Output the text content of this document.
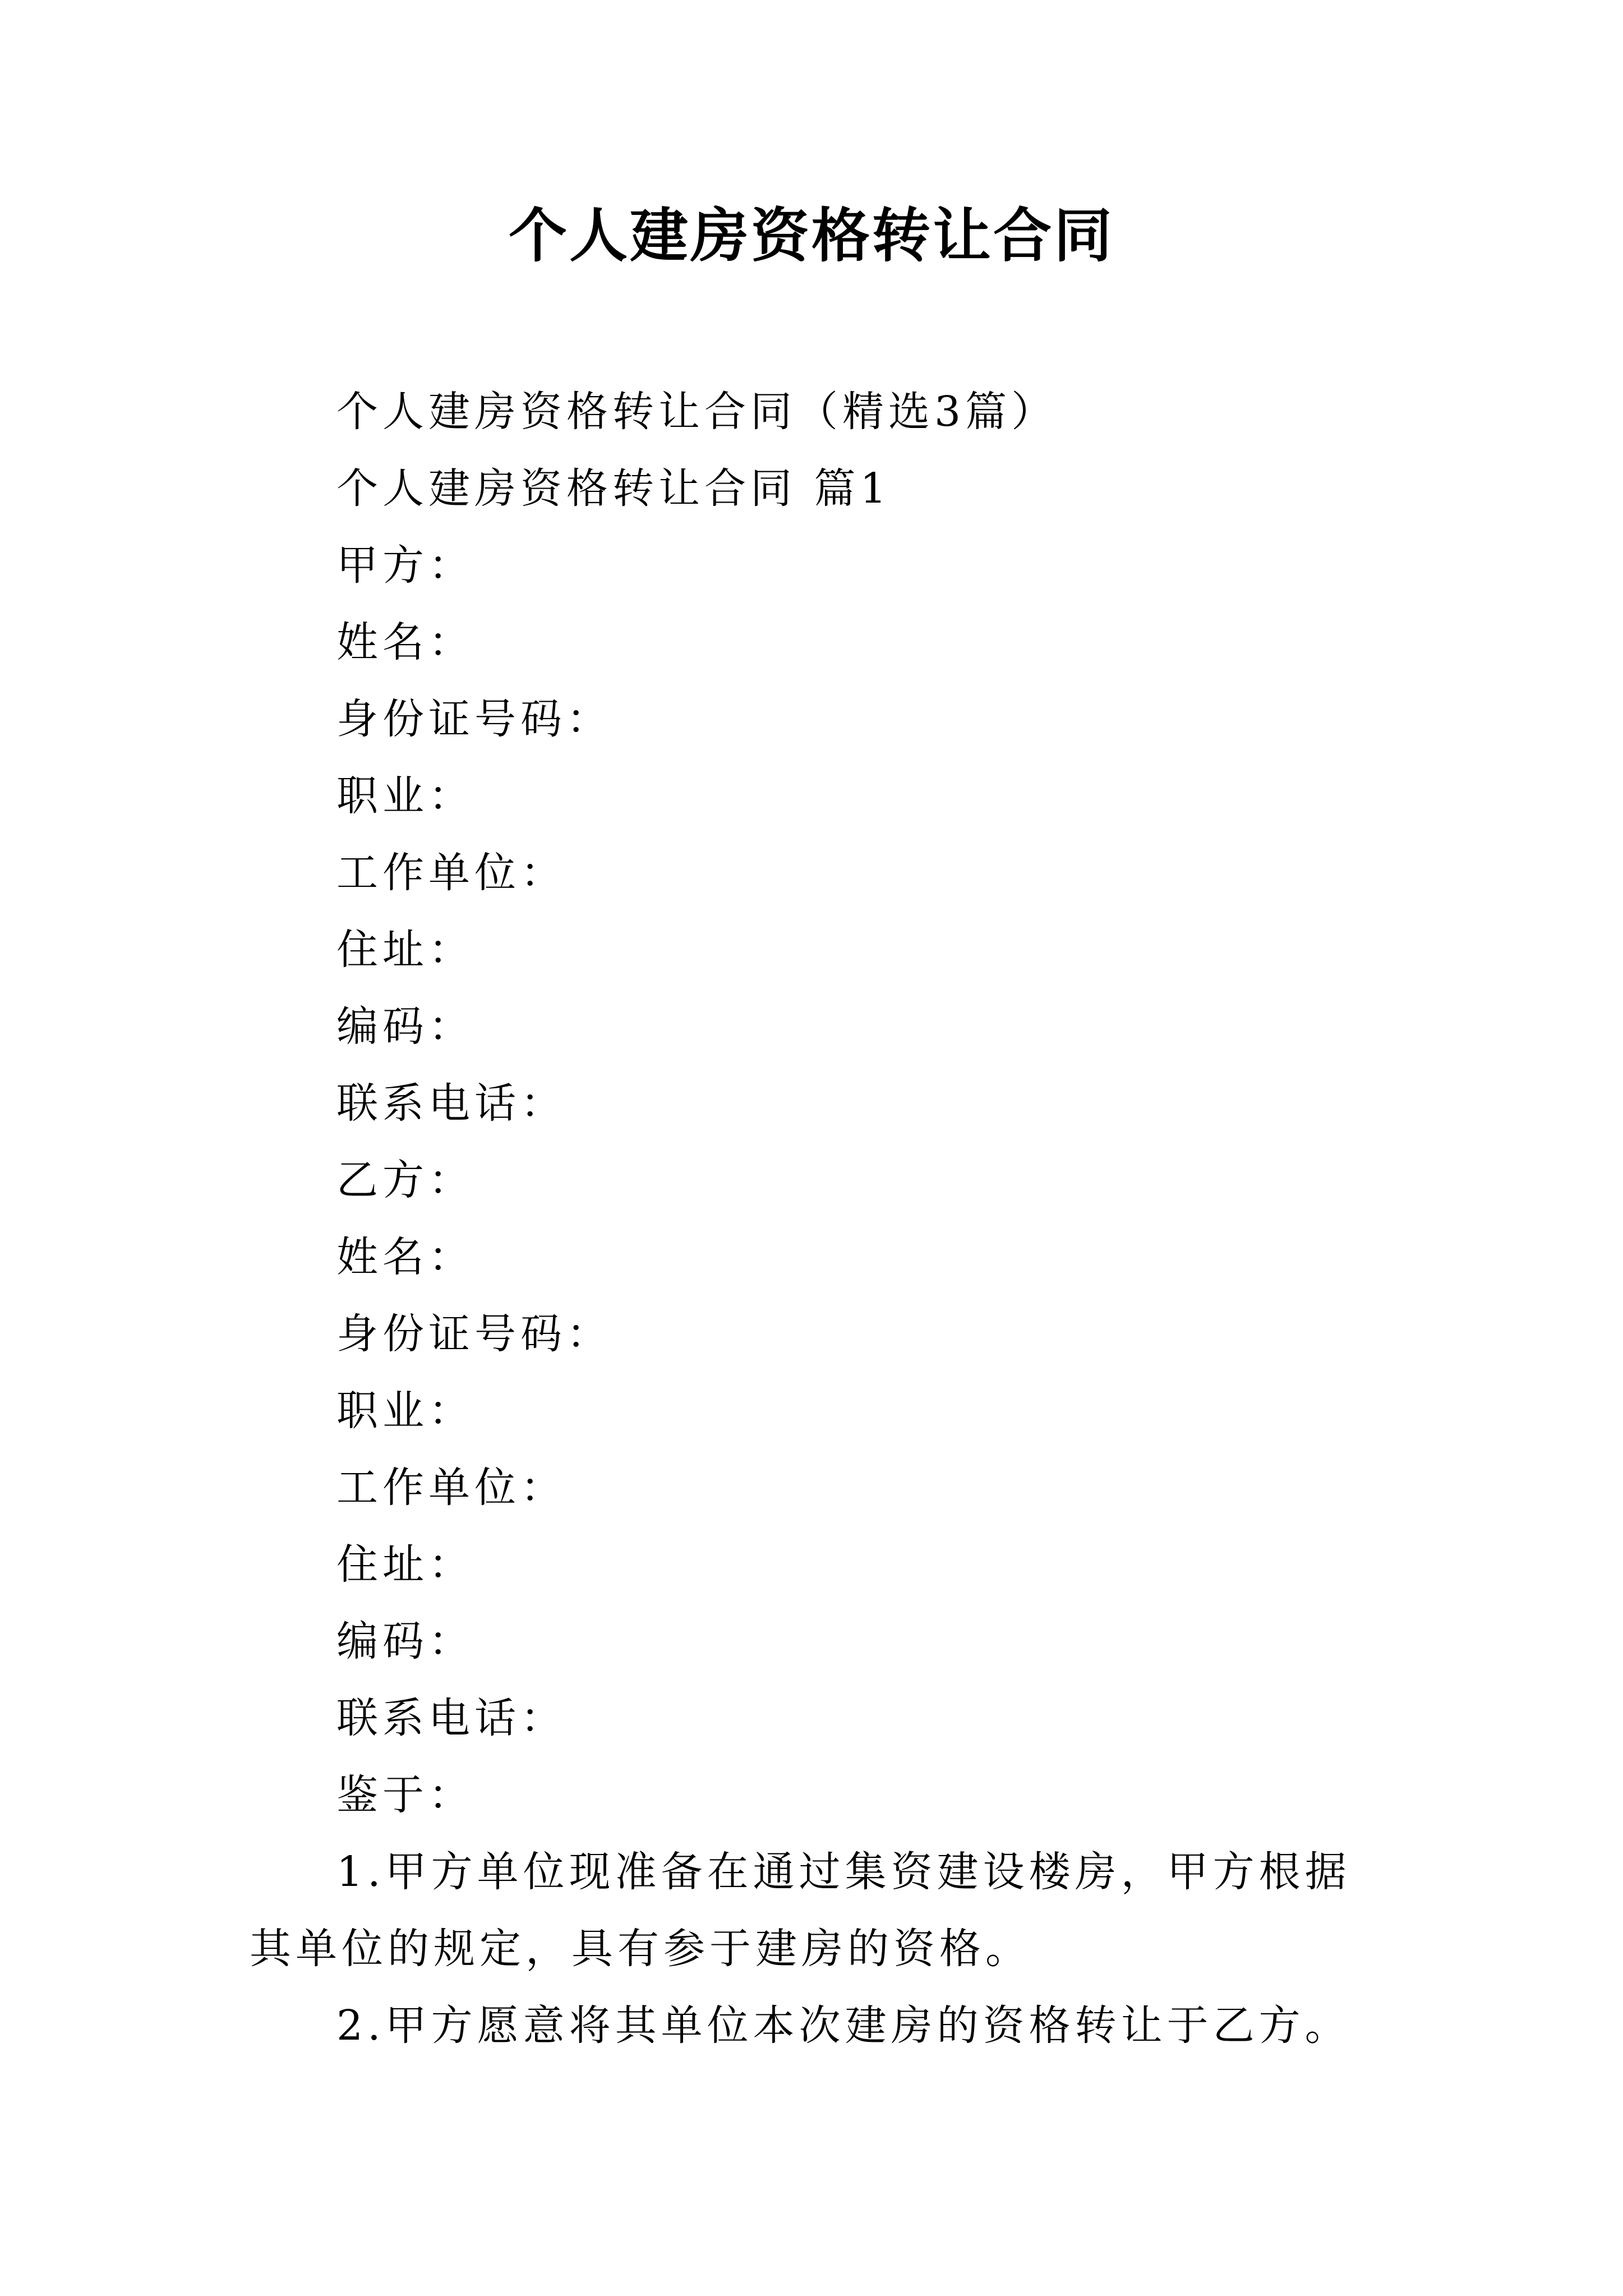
个人建房资格转让合同
个人建房资格转让合同（精选3篇）
个人建房资格转让合同 篇1
甲方：
姓名：
身份证号码：
职业：
工作单位：
住址：
编码：
联系电话：
乙方：
姓名：
身份证号码：
职业：
工作单位：
住址：
编码：
联系电话：
鉴于：

1.甲方单位现准备在通过集资建设楼房，甲方根据其单位的规定，具有参于建房的资格。

2.甲方愿意将其单位本次建房的资格转让于乙方。
